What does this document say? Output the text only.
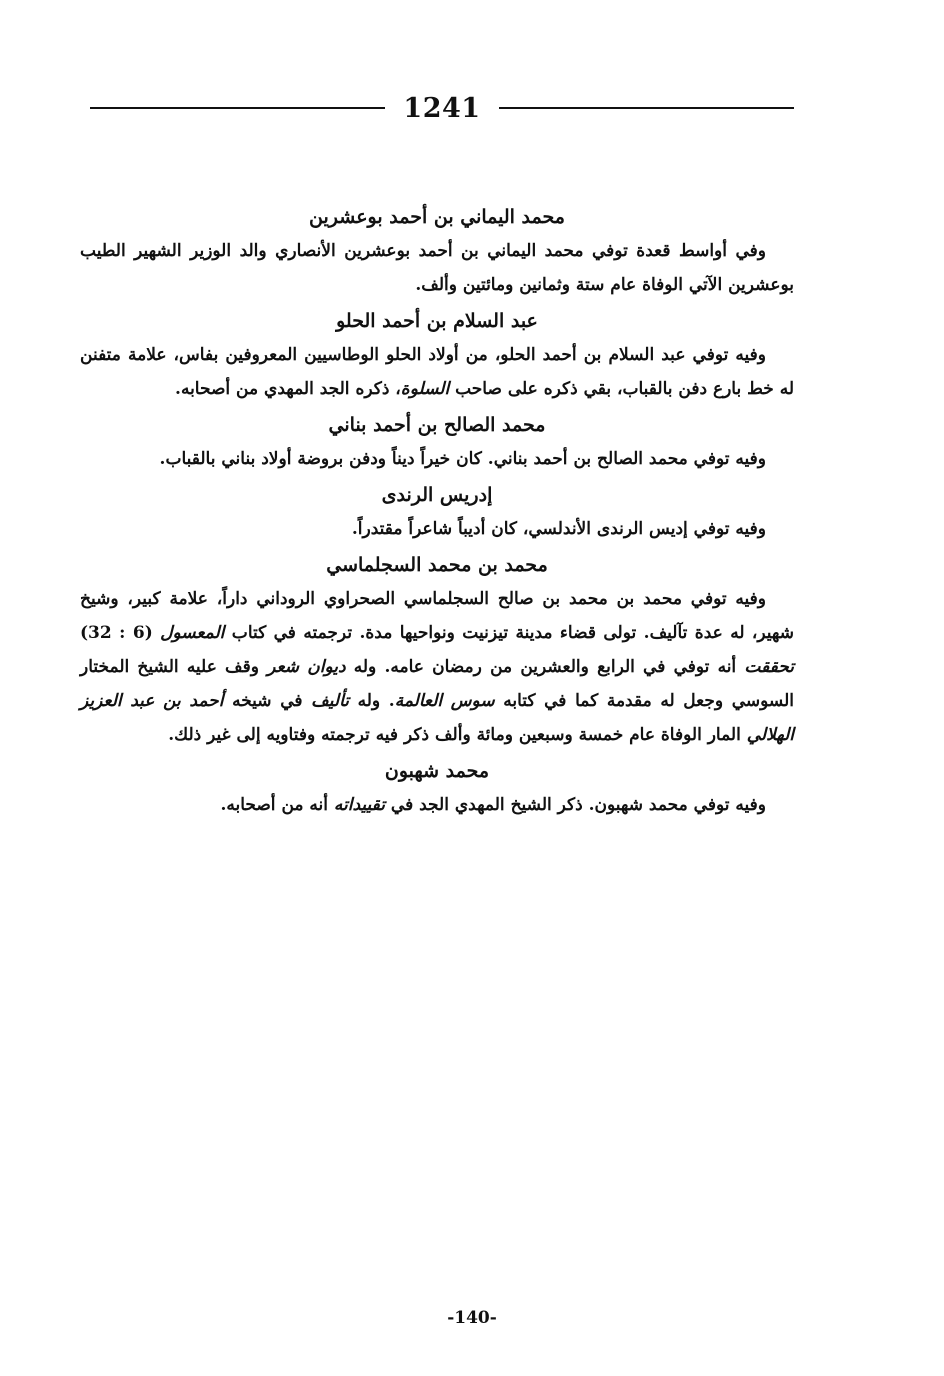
1241

محمد اليماني بن أحمد بوعشرين

وفي أواسط قعدة توفي محمد اليماني بن أحمد بوعشرين الأنصاري والد الوزير الشهير الطيب بوعشرين الآتي الوفاة عام ستة وثمانين ومائتين وألف.

عبد السلام بن أحمد الحلو

وفيه توفي عبد السلام بن أحمد الحلو، من أولاد الحلو الوطاسيين المعروفين بفاس، علامة متفنن له خط بارع دفن بالقباب، بقي ذكره على صاحب السلوة، ذكره الجد المهدي من أصحابه.

محمد الصالح بن أحمد بناني

وفيه توفي محمد الصالح بن أحمد بناني. كان خيراً ديناً ودفن بروضة أولاد بناني بالقباب.

إدريس الرندى

وفيه توفي إديس الرندى الأندلسي، كان أديباً شاعراً مقتدراً.

محمد بن محمد السجلماسي

وفيه توفي محمد بن محمد بن صالح السجلماسي الصحراوي الروداني داراً، علامة كبير، وشيخ شهير، له عدة تآليف. تولى قضاء مدينة تيزنيت ونواحيها مدة. ترجمته في كتاب المعسول (6 : 32) تحققت أنه توفي في الرابع والعشرين من رمضان عامه. وله ديوان شعر وقف عليه الشيخ المختار السوسي وجعل له مقدمة كما في كتابه سوس العالمة. وله تأليف في شيخه أحمد بن عبد العزيز الهلالي المار الوفاة عام خمسة وسبعين ومائة وألف ذكر فيه ترجمته وفتاويه إلى غير ذلك.

محمد شهبون

وفيه توفي محمد شهبون. ذكر الشيخ المهدي الجد في تقييداته أنه من أصحابه.

-140-
